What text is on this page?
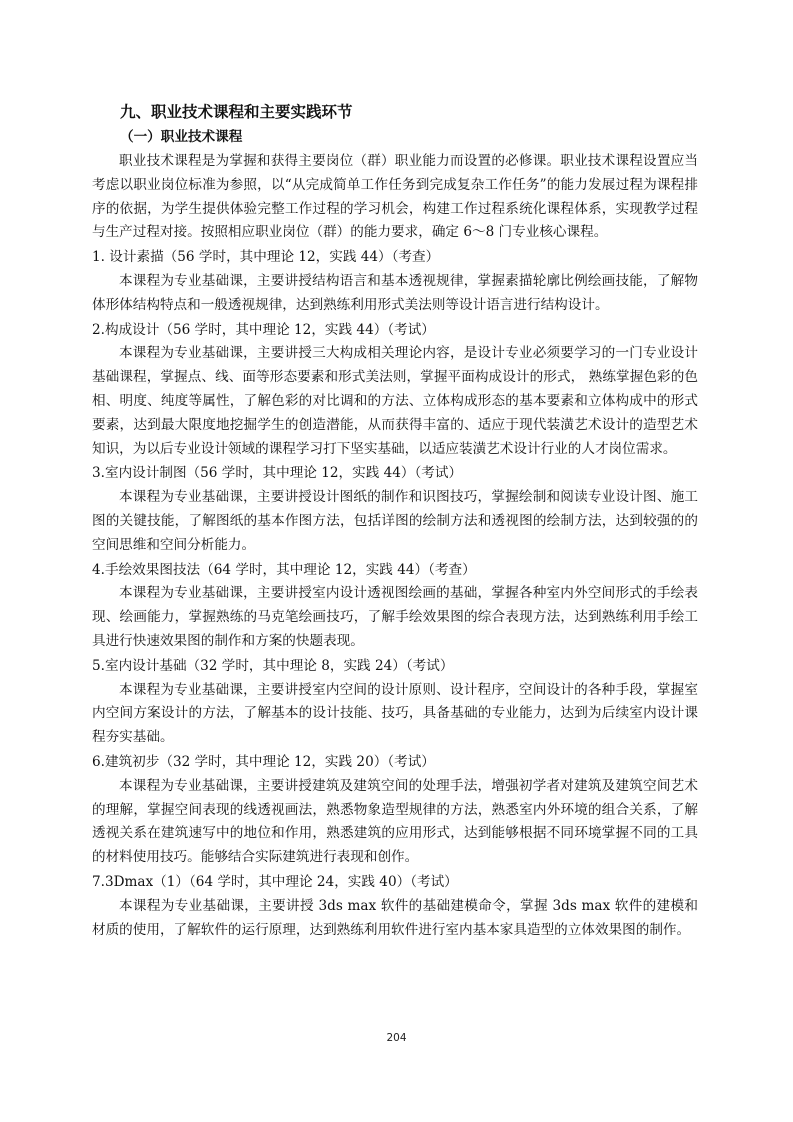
九、职业技术课程和主要实践环节
（一）职业技术课程

职业技术课程是为掌握和获得主要岗位（群）职业能力而设置的必修课。职业技术课程设置应当考虑以职业岗位标准为参照，以“从完成简单工作任务到完成复杂工作任务”的能力发展过程为课程排序的依据，为学生提供体验完整工作过程的学习机会，构建工作过程系统化课程体系，实现教学过程与生产过程对接。按照相应职业岗位（群）的能力要求，确定 6～8 门专业核心课程。

1. 设计素描（56 学时，其中理论 12，实践 44）（考查）

本课程为专业基础课，主要讲授结构语言和基本透视规律，掌握素描轮廓比例绘画技能，了解物体形体结构特点和一般透视规律，达到熟练利用形式美法则等设计语言进行结构设计。

2.构成设计（56 学时，其中理论 12，实践 44）（考试）

本课程为专业基础课，主要讲授三大构成相关理论内容，是设计专业必须要学习的一门专业设计基础课程，掌握点、线、面等形态要素和形式美法则，掌握平面构成设计的形式， 熟练掌握色彩的色相、明度、纯度等属性，了解色彩的对比调和的方法、立体构成形态的基本要素和立体构成中的形式要素，达到最大限度地挖掘学生的创造潜能，从而获得丰富的、适应于现代装潢艺术设计的造型艺术知识，为以后专业设计领域的课程学习打下坚实基础，以适应装潢艺术设计行业的人才岗位需求。

3.室内设计制图（56 学时，其中理论 12，实践 44）（考试）

本课程为专业基础课，主要讲授设计图纸的制作和识图技巧，掌握绘制和阅读专业设计图、施工图的关键技能，了解图纸的基本作图方法，包括详图的绘制方法和透视图的绘制方法，达到较强的的空间思维和空间分析能力。

4.手绘效果图技法（64 学时，其中理论 12，实践 44）（考查）

本课程为专业基础课，主要讲授室内设计透视图绘画的基础，掌握各种室内外空间形式的手绘表现、绘画能力，掌握熟练的马克笔绘画技巧，了解手绘效果图的综合表现方法，达到熟练利用手绘工具进行快速效果图的制作和方案的快题表现。

5.室内设计基础（32 学时，其中理论 8，实践 24）（考试）

本课程为专业基础课，主要讲授室内空间的设计原则、设计程序，空间设计的各种手段，掌握室内空间方案设计的方法，了解基本的设计技能、技巧，具备基础的专业能力，达到为后续室内设计课程夯实基础。

6.建筑初步（32 学时，其中理论 12，实践 20）（考试）

本课程为专业基础课，主要讲授建筑及建筑空间的处理手法，增强初学者对建筑及建筑空间艺术的理解，掌握空间表现的线透视画法，熟悉物象造型规律的方法，熟悉室内外环境的组合关系，了解透视关系在建筑速写中的地位和作用，熟悉建筑的应用形式，达到能够根据不同环境掌握不同的工具的材料使用技巧。能够结合实际建筑进行表现和创作。

7.3Dmax（1）（64 学时，其中理论 24，实践 40）（考试）

本课程为专业基础课，主要讲授 3ds max 软件的基础建模命令，掌握 3ds max 软件的建模和材质的使用，了解软件的运行原理，达到熟练利用软件进行室内基本家具造型的立体效果图的制作。

204
